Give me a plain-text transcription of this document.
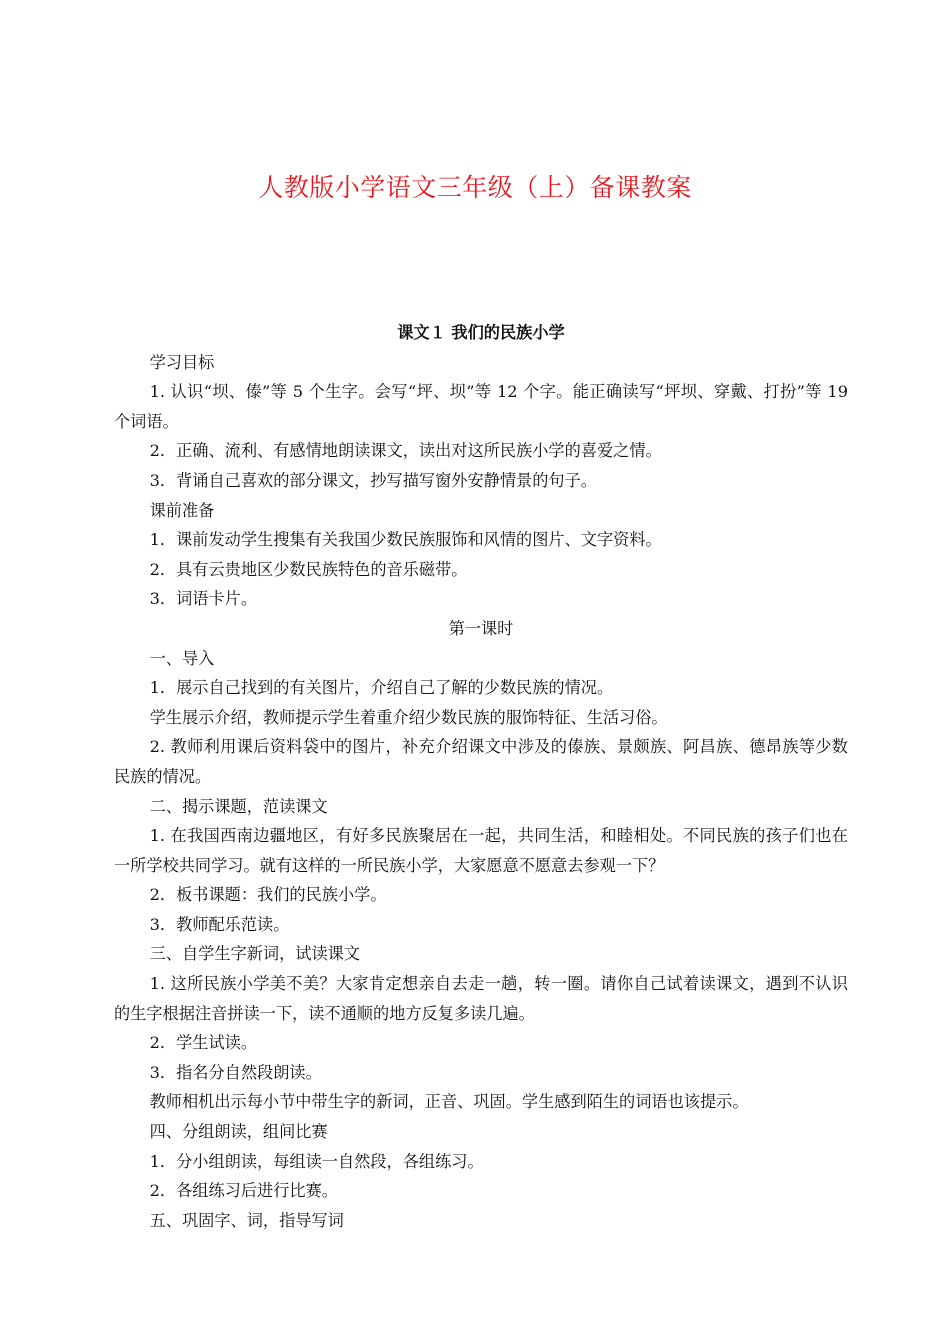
人教版小学语文三年级（上）备课教案

课文１ 我们的民族小学

学习目标

1. 认识“坝、傣”等 5 个生字。会写“坪、坝”等 12 个字。能正确读写“坪坝、穿戴、打扮”等 19 个词语。

2．正确、流利、有感情地朗读课文，读出对这所民族小学的喜爱之情。

3．背诵自己喜欢的部分课文，抄写描写窗外安静情景的句子。

课前准备

1．课前发动学生搜集有关我国少数民族服饰和风情的图片、文字资料。

2．具有云贵地区少数民族特色的音乐磁带。

3．词语卡片。

第一课时

一、导入

1．展示自己找到的有关图片，介绍自己了解的少数民族的情况。

学生展示介绍，教师提示学生着重介绍少数民族的服饰特征、生活习俗。

2. 教师利用课后资料袋中的图片，补充介绍课文中涉及的傣族、景颇族、阿昌族、德昂族等少数民族的情况。

二、揭示课题，范读课文

1. 在我国西南边疆地区，有好多民族聚居在一起，共同生活，和睦相处。不同民族的孩子们也在一所学校共同学习。就有这样的一所民族小学，大家愿意不愿意去参观一下？

2．板书课题：我们的民族小学。

3．教师配乐范读。

三、自学生字新词，试读课文

1. 这所民族小学美不美？大家肯定想亲自去走一趟，转一圈。请你自己试着读课文，遇到不认识的生字根据注音拼读一下，读不通顺的地方反复多读几遍。

2．学生试读。

3．指名分自然段朗读。

教师相机出示每小节中带生字的新词，正音、巩固。学生感到陌生的词语也该提示。

四、分组朗读，组间比赛

1．分小组朗读，每组读一自然段，各组练习。

2．各组练习后进行比赛。

五、巩固字、词，指导写词
